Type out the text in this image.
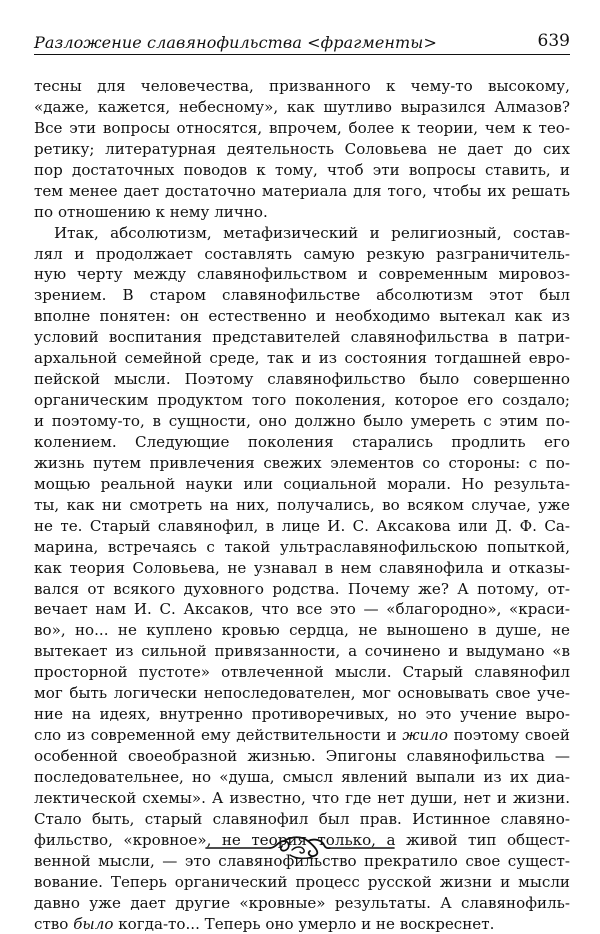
Разложение славянофильства <фрагменты>	639
тесны для человечества, призванного к чему-то высокому,
«даже, кажется, небесному», как шутливо выразился Алмазов?
Все эти вопросы относятся, впрочем, более к теории, чем к тео-
ретику; литературная деятельность Соловьева не дает до сих
пор достаточных поводов к тому, чтоб эти вопросы ставить, и
тем менее дает достаточно материала для того, чтобы их решать
по отношению к нему лично.
Итак, абсолютизм, метафизический и религиозный, состав-
лял и продолжает составлять самую резкую разграничитель-
ную черту между славянофильством и современным мировоз-
зрением. В старом славянофильстве абсолютизм этот был
вполне понятен: он естественно и необходимо вытекал как из
условий воспитания представителей славянофильства в патри-
архальной семейной среде, так и из состояния тогдашней евро-
пейской мысли. Поэтому славянофильство было совершенно
органическим продуктом того поколения, которое его создало;
и поэтому-то, в сущности, оно должно было умереть с этим по-
колением. Следующие поколения старались продлить его
жизнь путем привлечения свежих элементов со стороны: с по-
мощью реальной науки или социальной морали. Но результа-
ты, как ни смотреть на них, получались, во всяком случае, уже
не те. Старый славянофил, в лице И. С. Аксакова или Д. Ф. Са-
марина, встречаясь с такой ультраславянофильскою попыткой,
как теория Соловьева, не узнавал в нем славянофила и отказы-
вался от всякого духовного родства. Почему же? А потому, от-
вечает нам И. С. Аксаков, что все это — «благородно», «краси-
во», но... не куплено кровью сердца, не выношено в душе, не
вытекает из сильной привязанности, а сочинено и выдумано «в
просторной пустоте» отвлеченной мысли. Старый славянофил
мог быть логически непоследователен, мог основывать свое уче-
ние на идеях, внутренно противоречивых, но это учение выро-
сло из современной ему действительности и жило поэтому своей
особенной своеобразной жизнью. Эпигоны славянофильства —
последовательнее, но «душа, смысл явлений выпали из их диа-
лектической схемы». А известно, что где нет души, нет и жизни.
Стало быть, старый славянофил был прав. Истинное славяно-
фильство, «кровное», не теория только, а живой тип общест-
венной мысли, — это славянофильство прекратило свое сущест-
вование. Теперь органический процесс русской жизни и мысли
давно уже дает другие «кровные» результаты. А славянофиль-
ство было когда-то... Теперь оно умерло и не воскреснет.
